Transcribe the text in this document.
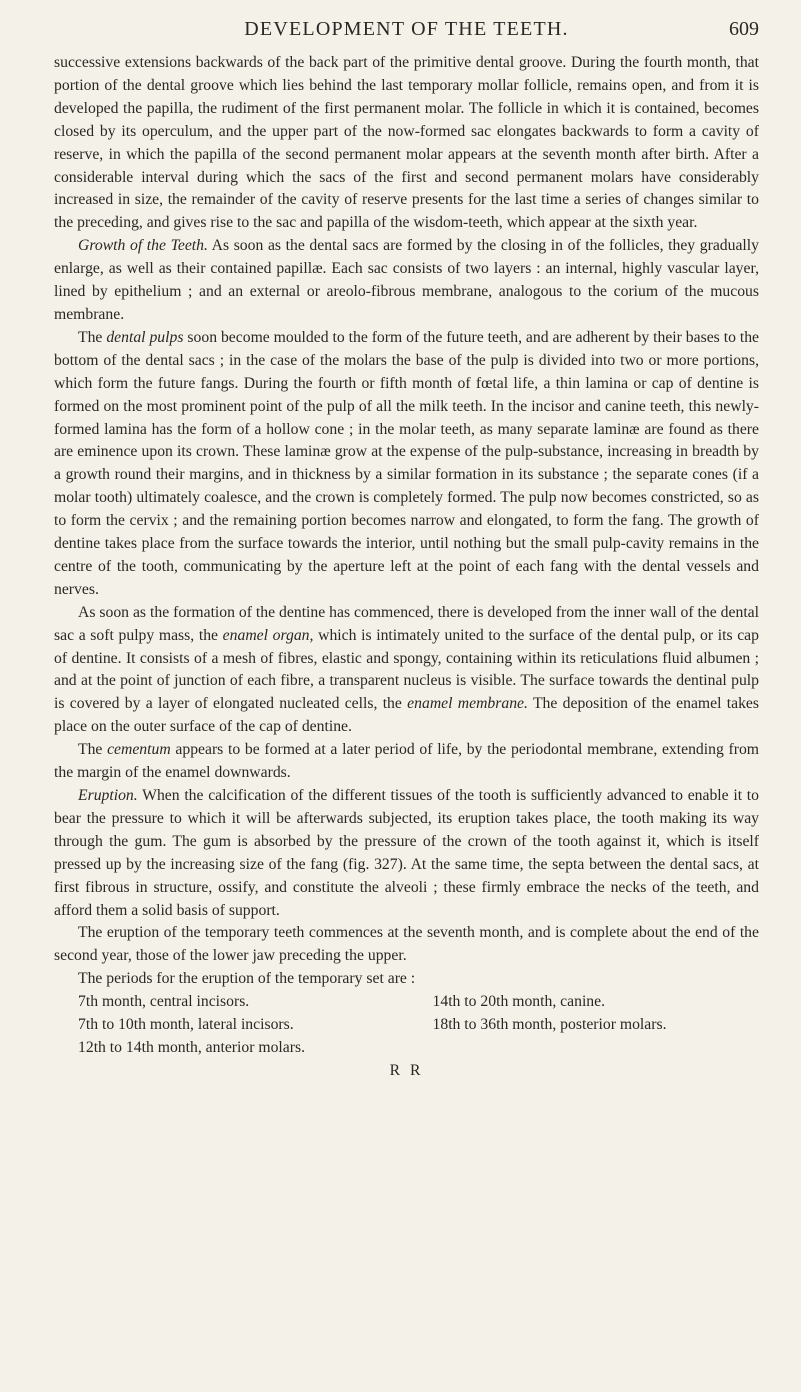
DEVELOPMENT OF THE TEETH.	609

successive extensions backwards of the back part of the primitive dental groove. During the fourth month, that portion of the dental groove which lies behind the last temporary mollar follicle, remains open, and from it is developed the papilla, the rudiment of the first permanent molar. The follicle in which it is contained, becomes closed by its operculum, and the upper part of the now-formed sac elongates backwards to form a cavity of reserve, in which the papilla of the second permanent molar appears at the seventh month after birth. After a considerable interval during which the sacs of the first and second permanent molars have considerably increased in size, the remainder of the cavity of reserve presents for the last time a series of changes similar to the preceding, and gives rise to the sac and papilla of the wisdom-teeth, which appear at the sixth year.

Growth of the Teeth. As soon as the dental sacs are formed by the closing in of the follicles, they gradually enlarge, as well as their contained papillæ. Each sac consists of two layers : an internal, highly vascular layer, lined by epithelium ; and an external or areolo-fibrous membrane, analogous to the corium of the mucous membrane.

The dental pulps soon become moulded to the form of the future teeth, and are adherent by their bases to the bottom of the dental sacs ; in the case of the molars the base of the pulp is divided into two or more portions, which form the future fangs. During the fourth or fifth month of fœtal life, a thin lamina or cap of dentine is formed on the most prominent point of the pulp of all the milk teeth. In the incisor and canine teeth, this newly-formed lamina has the form of a hollow cone ; in the molar teeth, as many separate laminæ are found as there are eminence upon its crown. These laminæ grow at the expense of the pulp-substance, increasing in breadth by a growth round their margins, and in thickness by a similar formation in its substance ; the separate cones (if a molar tooth) ultimately coalesce, and the crown is completely formed. The pulp now becomes constricted, so as to form the cervix ; and the remaining portion becomes narrow and elongated, to form the fang. The growth of dentine takes place from the surface towards the interior, until nothing but the small pulp-cavity remains in the centre of the tooth, communicating by the aperture left at the point of each fang with the dental vessels and nerves.

As soon as the formation of the dentine has commenced, there is developed from the inner wall of the dental sac a soft pulpy mass, the enamel organ, which is intimately united to the surface of the dental pulp, or its cap of dentine. It consists of a mesh of fibres, elastic and spongy, containing within its reticulations fluid albumen ; and at the point of junction of each fibre, a transparent nucleus is visible. The surface towards the dentinal pulp is covered by a layer of elongated nucleated cells, the enamel membrane. The deposition of the enamel takes place on the outer surface of the cap of dentine.

The cementum appears to be formed at a later period of life, by the periodontal membrane, extending from the margin of the enamel downwards.

Eruption. When the calcification of the different tissues of the tooth is sufficiently advanced to enable it to bear the pressure to which it will be afterwards subjected, its eruption takes place, the tooth making its way through the gum. The gum is absorbed by the pressure of the crown of the tooth against it, which is itself pressed up by the increasing size of the fang (fig. 327). At the same time, the septa between the dental sacs, at first fibrous in structure, ossify, and constitute the alveoli ; these firmly embrace the necks of the teeth, and afford them a solid basis of support.

The eruption of the temporary teeth commences at the seventh month, and is complete about the end of the second year, those of the lower jaw preceding the upper.

The periods for the eruption of the temporary set are :

7th month, central incisors.	14th to 20th month, canine.
7th to 10th month, lateral incisors.	18th to 36th month, posterior molars.
12th to 14th month, anterior molars.
R R
